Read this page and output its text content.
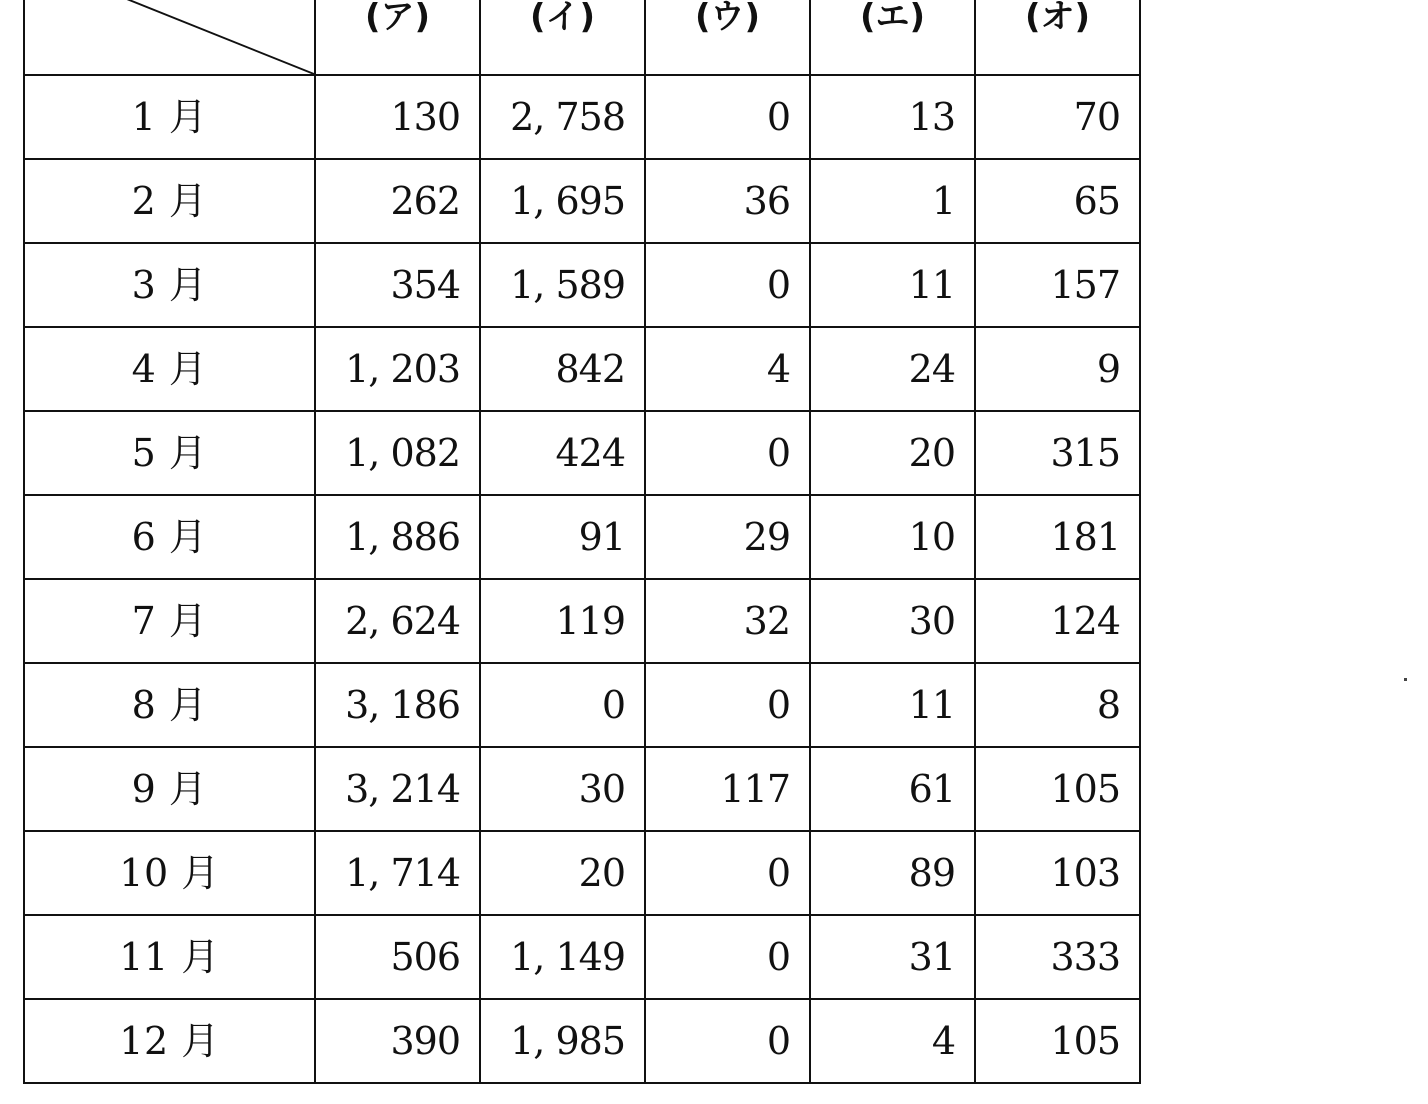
	(ア)	(イ)	(ウ)	(エ)	(オ)
1 月	130	2, 758	0	13	70
2 月	262	1, 695	36	1	65
3 月	354	1, 589	0	11	157
4 月	1, 203	842	4	24	9
5 月	1, 082	424	0	20	315
6 月	1, 886	91	29	10	181
7 月	2, 624	119	32	30	124
8 月	3, 186	0	0	11	8
9 月	3, 214	30	117	61	105
10 月	1, 714	20	0	89	103
11 月	506	1, 149	0	31	333
12 月	390	1, 985	0	4	105
